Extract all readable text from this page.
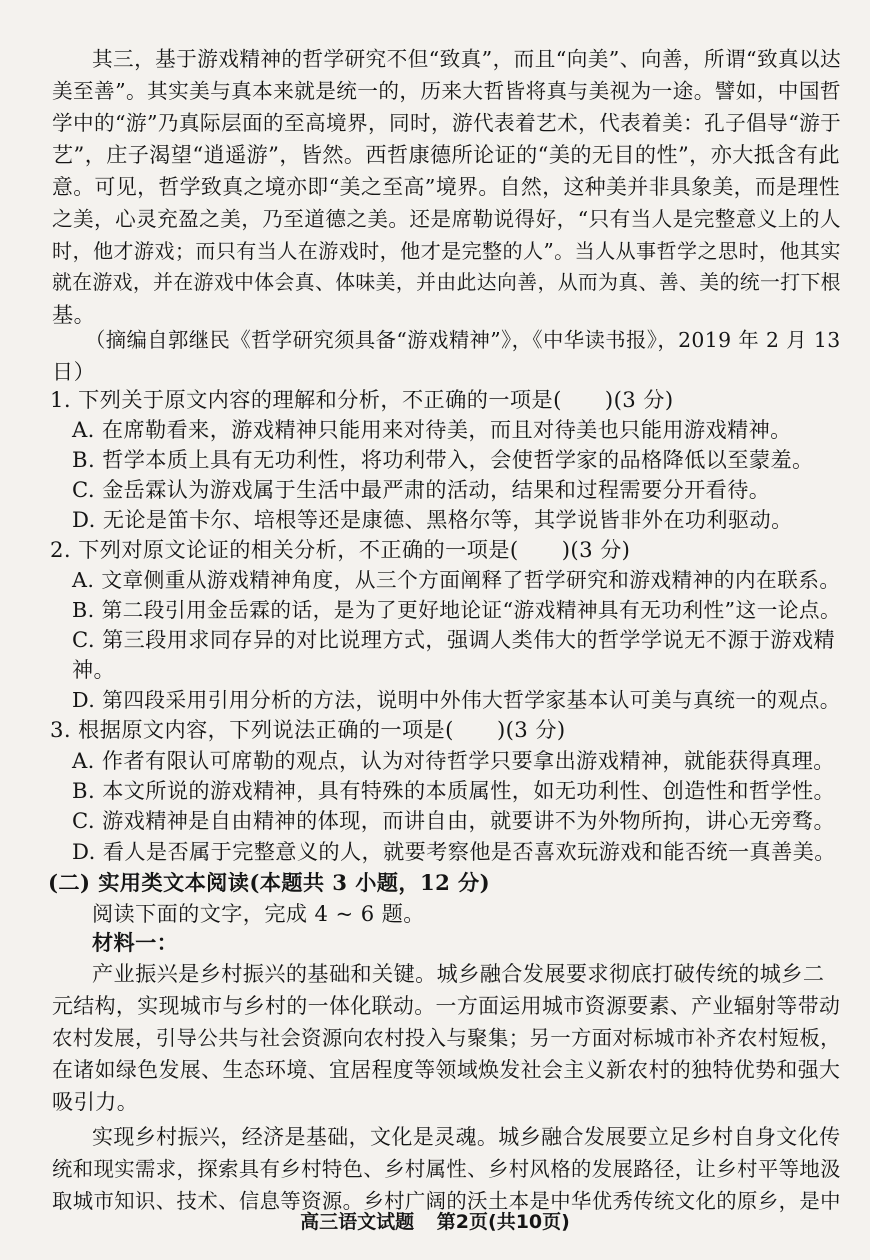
其三，基于游戏精神的哲学研究不但“致真”，而且“向美”、向善，所谓“致真以达
美至善”。其实美与真本来就是统一的，历来大哲皆将真与美视为一途。譬如，中国哲
学中的“游”乃真际层面的至高境界，同时，游代表着艺术，代表着美：孔子倡导“游于
艺”，庄子渴望“逍遥游”，皆然。西哲康德所论证的“美的无目的性”，亦大抵含有此
意。可见，哲学致真之境亦即“美之至高”境界。自然，这种美并非具象美，而是理性
之美，心灵充盈之美，乃至道德之美。还是席勒说得好，“只有当人是完整意义上的人
时，他才游戏；而只有当人在游戏时，他才是完整的人”。当人从事哲学之思时，他其实
就在游戏，并在游戏中体会真、体味美，并由此达向善，从而为真、善、美的统一打下根
基。
（摘编自郭继民《哲学研究须具备“游戏精神”》，《中华读书报》，2019 年 2 月 13
日）
1. 下列关于原文内容的理解和分析，不正确的一项是(　　)(3 分)
A. 在席勒看来，游戏精神只能用来对待美，而且对待美也只能用游戏精神。
B. 哲学本质上具有无功利性，将功利带入，会使哲学家的品格降低以至蒙羞。
C. 金岳霖认为游戏属于生活中最严肃的活动，结果和过程需要分开看待。
D. 无论是笛卡尔、培根等还是康德、黑格尔等，其学说皆非外在功利驱动。
2. 下列对原文论证的相关分析，不正确的一项是(　　)(3 分)
A. 文章侧重从游戏精神角度，从三个方面阐释了哲学研究和游戏精神的内在联系。
B. 第二段引用金岳霖的话，是为了更好地论证“游戏精神具有无功利性”这一论点。
C. 第三段用求同存异的对比说理方式，强调人类伟大的哲学学说无不源于游戏精
神。
D. 第四段采用引用分析的方法，说明中外伟大哲学家基本认可美与真统一的观点。
3. 根据原文内容，下列说法正确的一项是(　　)(3 分)
A. 作者有限认可席勒的观点，认为对待哲学只要拿出游戏精神，就能获得真理。
B. 本文所说的游戏精神，具有特殊的本质属性，如无功利性、创造性和哲学性。
C. 游戏精神是自由精神的体现，而讲自由，就要讲不为外物所拘，讲心无旁骛。
D. 看人是否属于完整意义的人，就要考察他是否喜欢玩游戏和能否统一真善美。
(二) 实用类文本阅读(本题共 3 小题，12 分)
阅读下面的文字，完成 4 ~ 6 题。
材料一：
产业振兴是乡村振兴的基础和关键。城乡融合发展要求彻底打破传统的城乡二
元结构，实现城市与乡村的一体化联动。一方面运用城市资源要素、产业辐射等带动
农村发展，引导公共与社会资源向农村投入与聚集；另一方面对标城市补齐农村短板，
在诸如绿色发展、生态环境、宜居程度等领域焕发社会主义新农村的独特优势和强大
吸引力。
实现乡村振兴，经济是基础，文化是灵魂。城乡融合发展要立足乡村自身文化传
统和现实需求，探索具有乡村特色、乡村属性、乡村风格的发展路径，让乡村平等地汲
取城市知识、技术、信息等资源。乡村广阔的沃土本是中华优秀传统文化的原乡，是中
高三语文试题 第2页(共10页)
